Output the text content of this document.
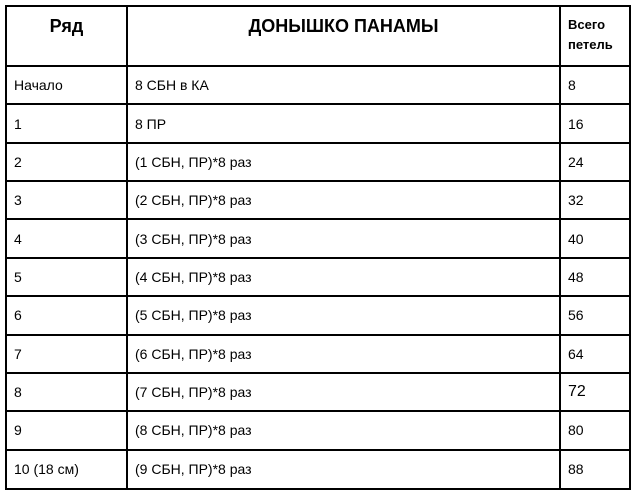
Ряд	ДОНЫШКО ПАНАМЫ	Всего петель
Начало	8 СБН в КА	8
1	8 ПР	16
2	(1 СБН, ПР)*8 раз	24
3	(2 СБН, ПР)*8 раз	32
4	(3 СБН, ПР)*8 раз	40
5	(4 СБН, ПР)*8 раз	48
6	(5 СБН, ПР)*8 раз	56
7	(6 СБН, ПР)*8 раз	64
8	(7 СБН, ПР)*8 раз	72
9	(8 СБН, ПР)*8 раз	80
10 (18 см)	(9 СБН, ПР)*8 раз	88
